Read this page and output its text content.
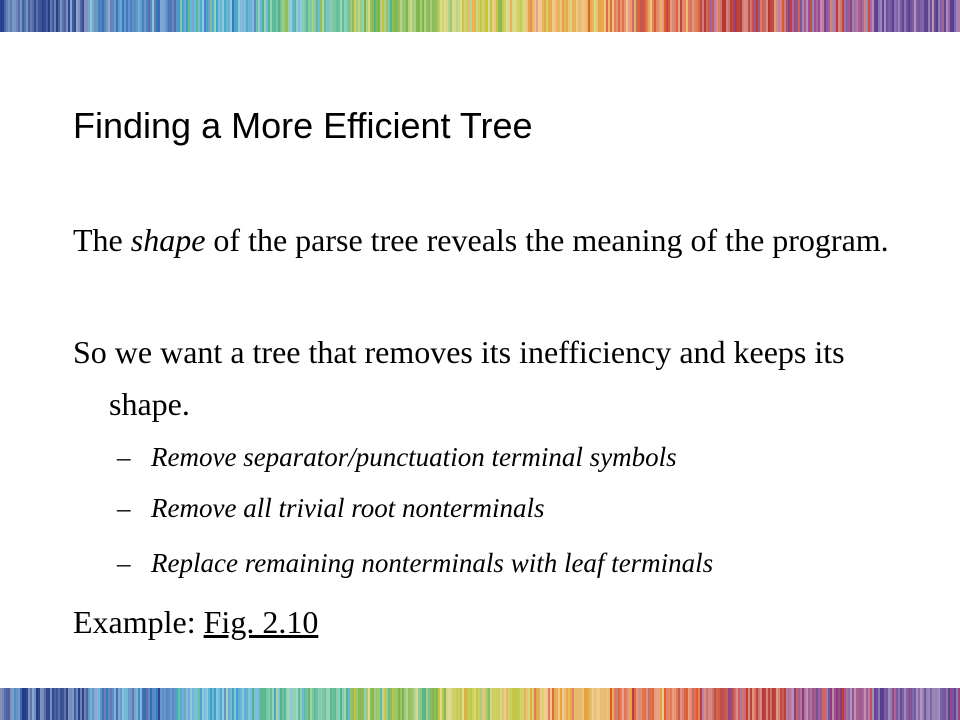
Finding a More Efficient Tree
The shape of the parse tree reveals the meaning of the program.
So we want a tree that removes its inefficiency and keeps its shape.
– Remove separator/punctuation terminal symbols
– Remove all trivial root nonterminals
– Replace remaining nonterminals with leaf terminals
Example: Fig. 2.10
